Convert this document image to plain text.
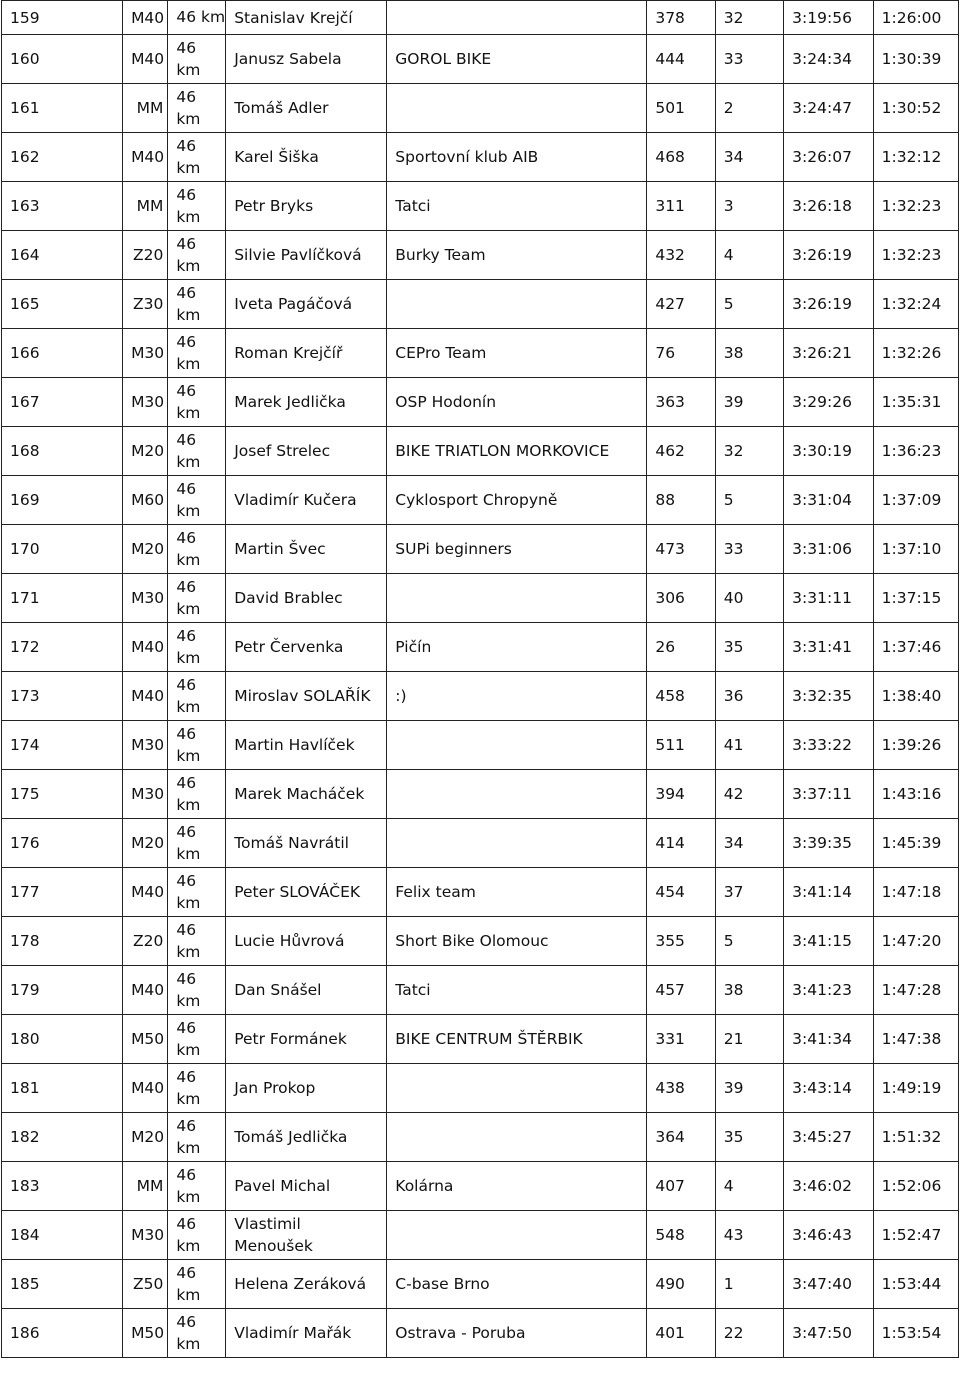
159	M40	46 km	Stanislav Krejčí		378	32	3:19:56	1:26:00
160	M40	46 km	Janusz Sabela	GOROL BIKE	444	33	3:24:34	1:30:39
161	MM	46 km	Tomáš Adler		501	2	3:24:47	1:30:52
162	M40	46 km	Karel Šiška	Sportovní klub AIB	468	34	3:26:07	1:32:12
163	MM	46 km	Petr Bryks	Tatci	311	3	3:26:18	1:32:23
164	Z20	46 km	Silvie Pavlíčková	Burky Team	432	4	3:26:19	1:32:23
165	Z30	46 km	Iveta Pagáčová		427	5	3:26:19	1:32:24
166	M30	46 km	Roman Krejčíř	CEPro Team	76	38	3:26:21	1:32:26
167	M30	46 km	Marek Jedlička	OSP Hodonín	363	39	3:29:26	1:35:31
168	M20	46 km	Josef Strelec	BIKE TRIATLON MORKOVICE	462	32	3:30:19	1:36:23
169	M60	46 km	Vladimír Kučera	Cyklosport Chropyně	88	5	3:31:04	1:37:09
170	M20	46 km	Martin Švec	SUPi beginners	473	33	3:31:06	1:37:10
171	M30	46 km	David Brablec		306	40	3:31:11	1:37:15
172	M40	46 km	Petr Červenka	Pičín	26	35	3:31:41	1:37:46
173	M40	46 km	Miroslav SOLAŘÍK	:)	458	36	3:32:35	1:38:40
174	M30	46 km	Martin Havlíček		511	41	3:33:22	1:39:26
175	M30	46 km	Marek Macháček		394	42	3:37:11	1:43:16
176	M20	46 km	Tomáš Navrátil		414	34	3:39:35	1:45:39
177	M40	46 km	Peter SLOVÁČEK	Felix team	454	37	3:41:14	1:47:18
178	Z20	46 km	Lucie Hůvrová	Short Bike Olomouc	355	5	3:41:15	1:47:20
179	M40	46 km	Dan Snášel	Tatci	457	38	3:41:23	1:47:28
180	M50	46 km	Petr Formánek	BIKE CENTRUM ŠTĚRBIK	331	21	3:41:34	1:47:38
181	M40	46 km	Jan Prokop		438	39	3:43:14	1:49:19
182	M20	46 km	Tomáš Jedlička		364	35	3:45:27	1:51:32
183	MM	46 km	Pavel Michal	Kolárna	407	4	3:46:02	1:52:06
184	M30	46 km	Vlastimil Menoušek		548	43	3:46:43	1:52:47
185	Z50	46 km	Helena Zeráková	C-base Brno	490	1	3:47:40	1:53:44
186	M50	46 km	Vladimír Mařák	Ostrava - Poruba	401	22	3:47:50	1:53:54
